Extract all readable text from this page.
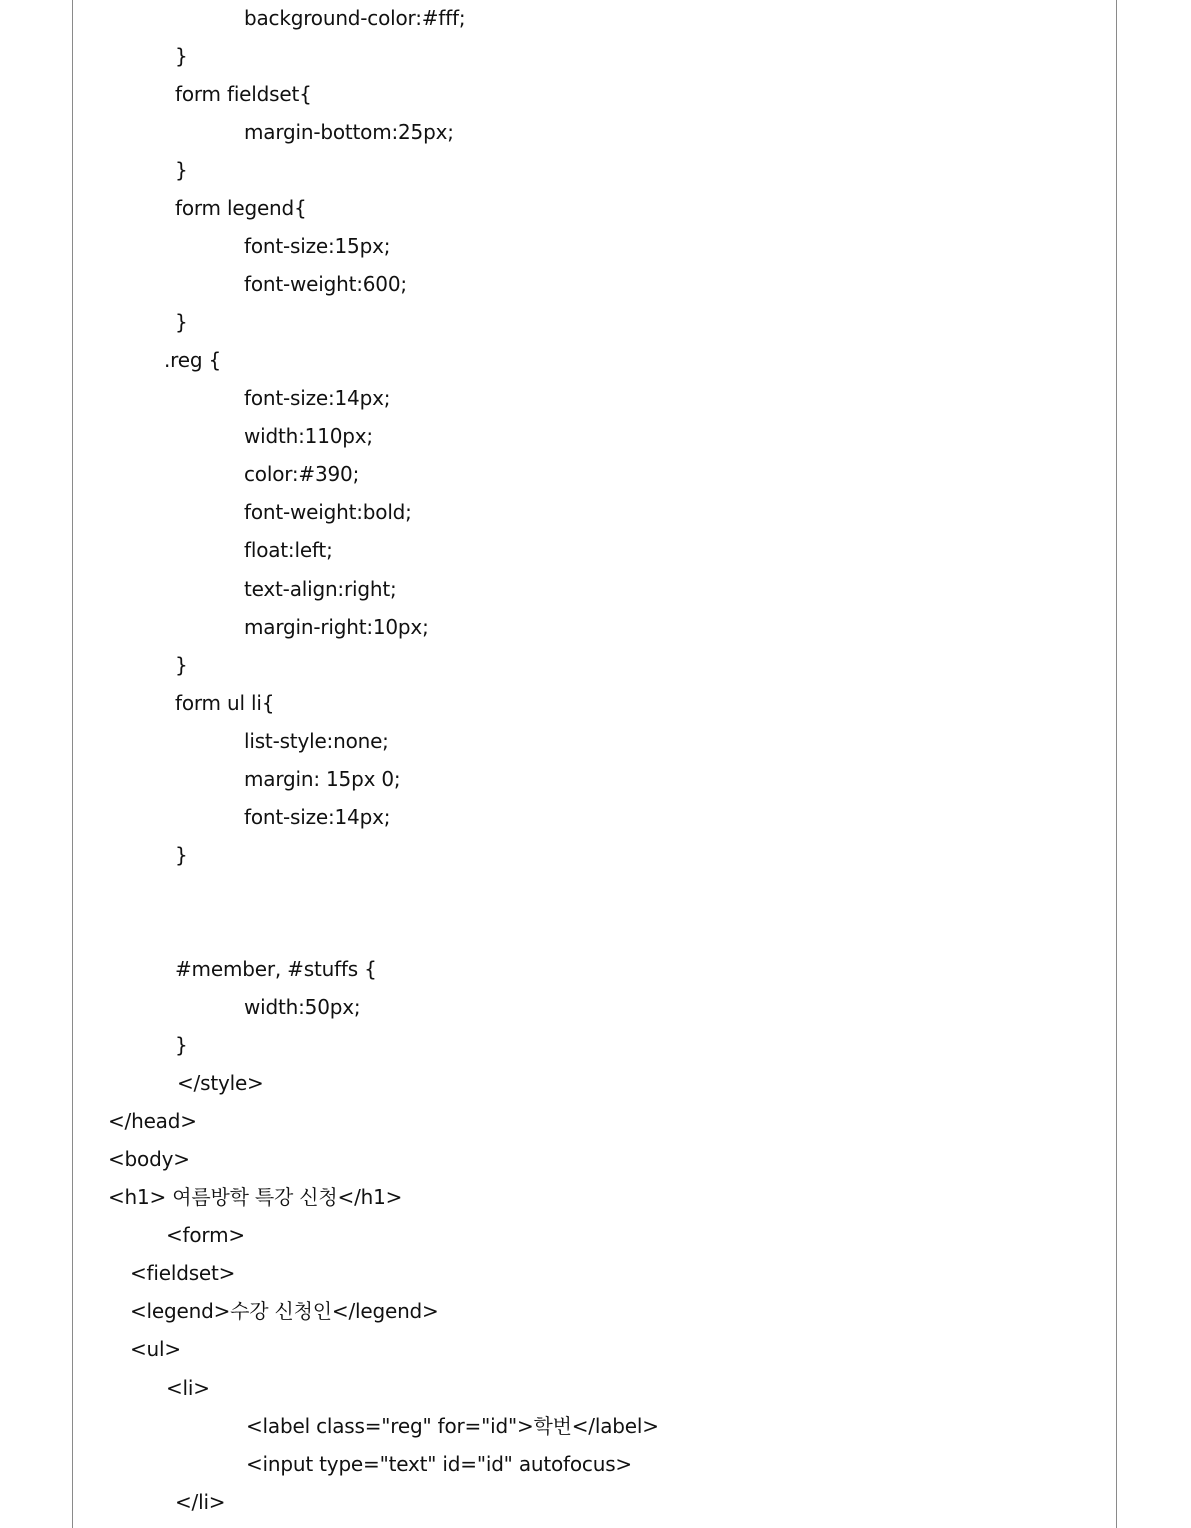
background-color:#fff;
}
form fieldset{
margin-bottom:25px;
}
form legend{
font-size:15px;
font-weight:600;
}
.reg {
font-size:14px;
width:110px;
color:#390;
font-weight:bold;
float:left;
text-align:right;
margin-right:10px;
}
form ul li{
list-style:none;
margin: 15px 0;
font-size:14px;
}
#member, #stuffs {
width:50px;
}
</style>
</head>
<body>
<h1> 여름방학 특강 신청</h1>
<form>
<fieldset>
<legend>수강 신청인</legend>
<ul>
<li>
<label class="reg" for="id">학번</label>
<input type="text" id="id" autofocus>
</li>
